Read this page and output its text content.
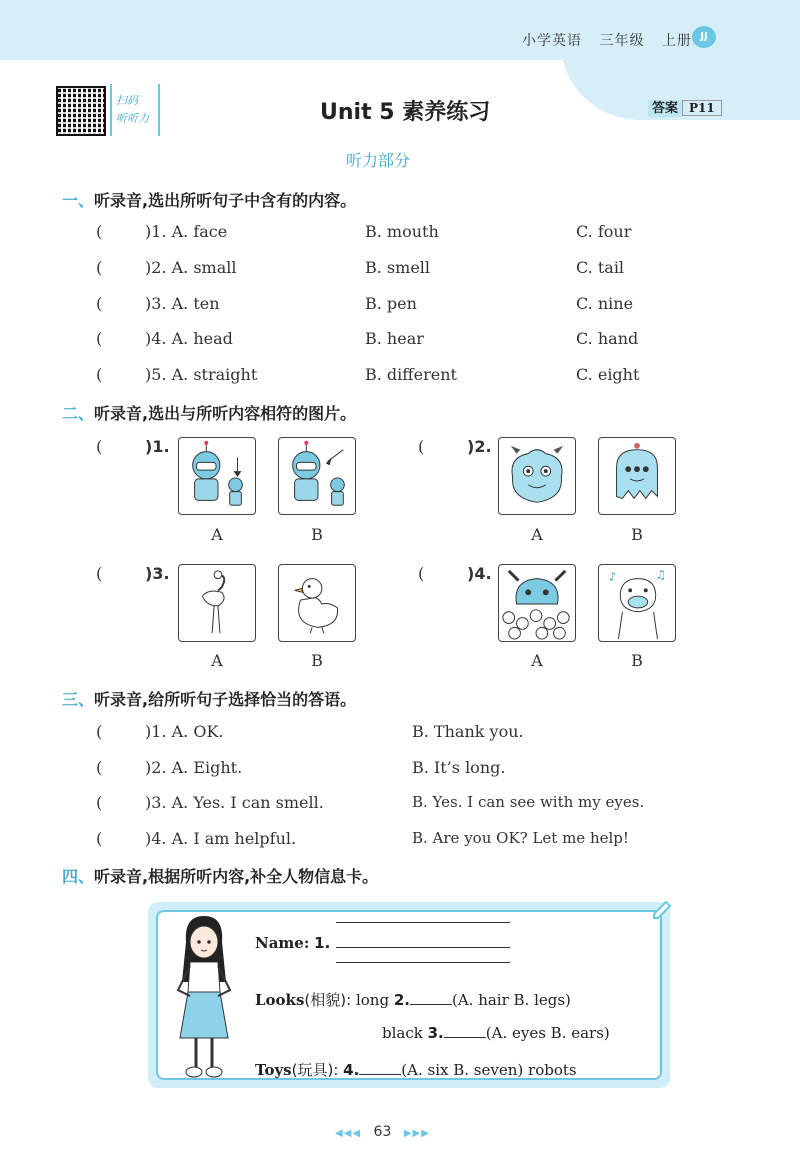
小学英语 三年级 上册 JJ
扫码
听听力	Unit 5 素养练习	答案 P11
听力部分
一、听录音,选出所听句子中含有的内容。
(	)1. A. face	B. mouth	C. four
(	)2. A. small	B. smell	C. tail
(	)3. A. ten	B. pen	C. nine
(	)4. A. head	B. hear	C. hand
(	)5. A. straight	B. different	C. eight
二、听录音,选出与所听内容相符的图片。
(	)1.
A	B
(	)2.
A	B
(	)3.
A	B
(	)4.	♪	♫
A	B
三、听录音,给所听句子选择恰当的答语。
(	)1. A. OK.	B. Thank you.
(	)2. A. Eight.	B. It’s long.
(	)3. A. Yes. I can smell.	B. Yes. I can see with my eyes.
(	)4. A. I am helpful.	B. Are you OK? Let me help!
四、听录音,根据所听内容,补全人物信息卡。
Name: 1.
Looks(相貌): long 2.	(A. hair B. legs)
black 3.	(A. eyes B. ears)
Toys(玩具): 4.	(A. six B. seven) robots
◀◀◀ 63 ▶▶▶
